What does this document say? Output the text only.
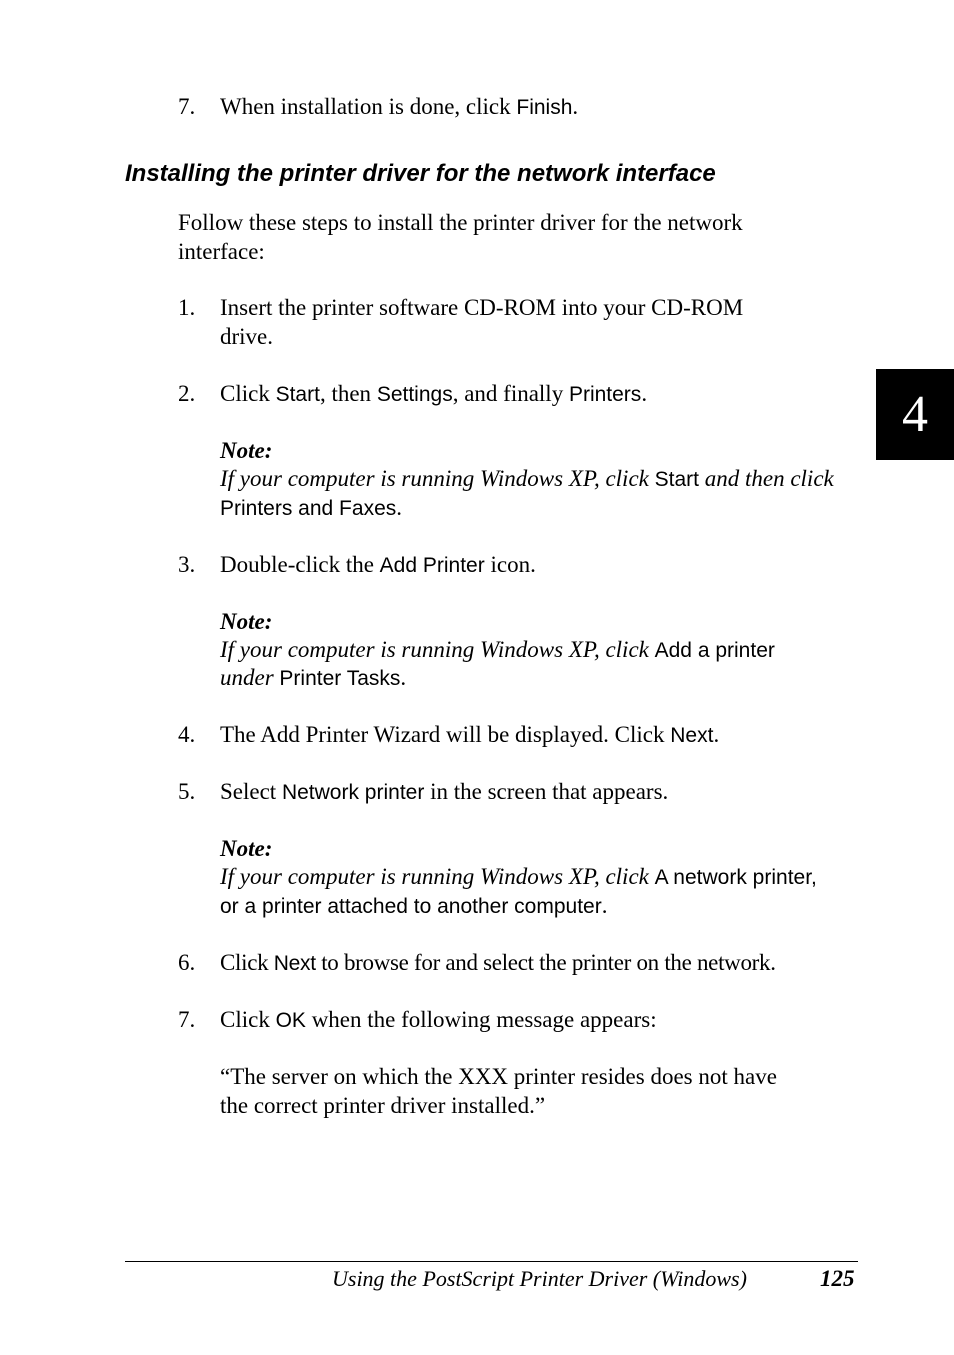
7. When installation is done, click Finish.
Installing the printer driver for the network interface
Follow these steps to install the printer driver for the network
interface:
1. Insert the printer software CD-ROM into your CD-ROM
drive.
2. Click Start, then Settings, and finally Printers.
Note:
If your computer is running Windows XP, click Start and then click
Printers and Faxes.
3. Double-click the Add Printer icon.
Note:
If your computer is running Windows XP, click Add a printer
under Printer Tasks.
4. The Add Printer Wizard will be displayed. Click Next.
5. Select Network printer in the screen that appears.
Note:
If your computer is running Windows XP, click A network printer,
or a printer attached to another computer.
6. Click Next to browse for and select the printer on the network.
7. Click OK when the following message appears:
“The server on which the XXX printer resides does not have
the correct printer driver installed.”
4
Using the PostScript Printer Driver (Windows)	125
